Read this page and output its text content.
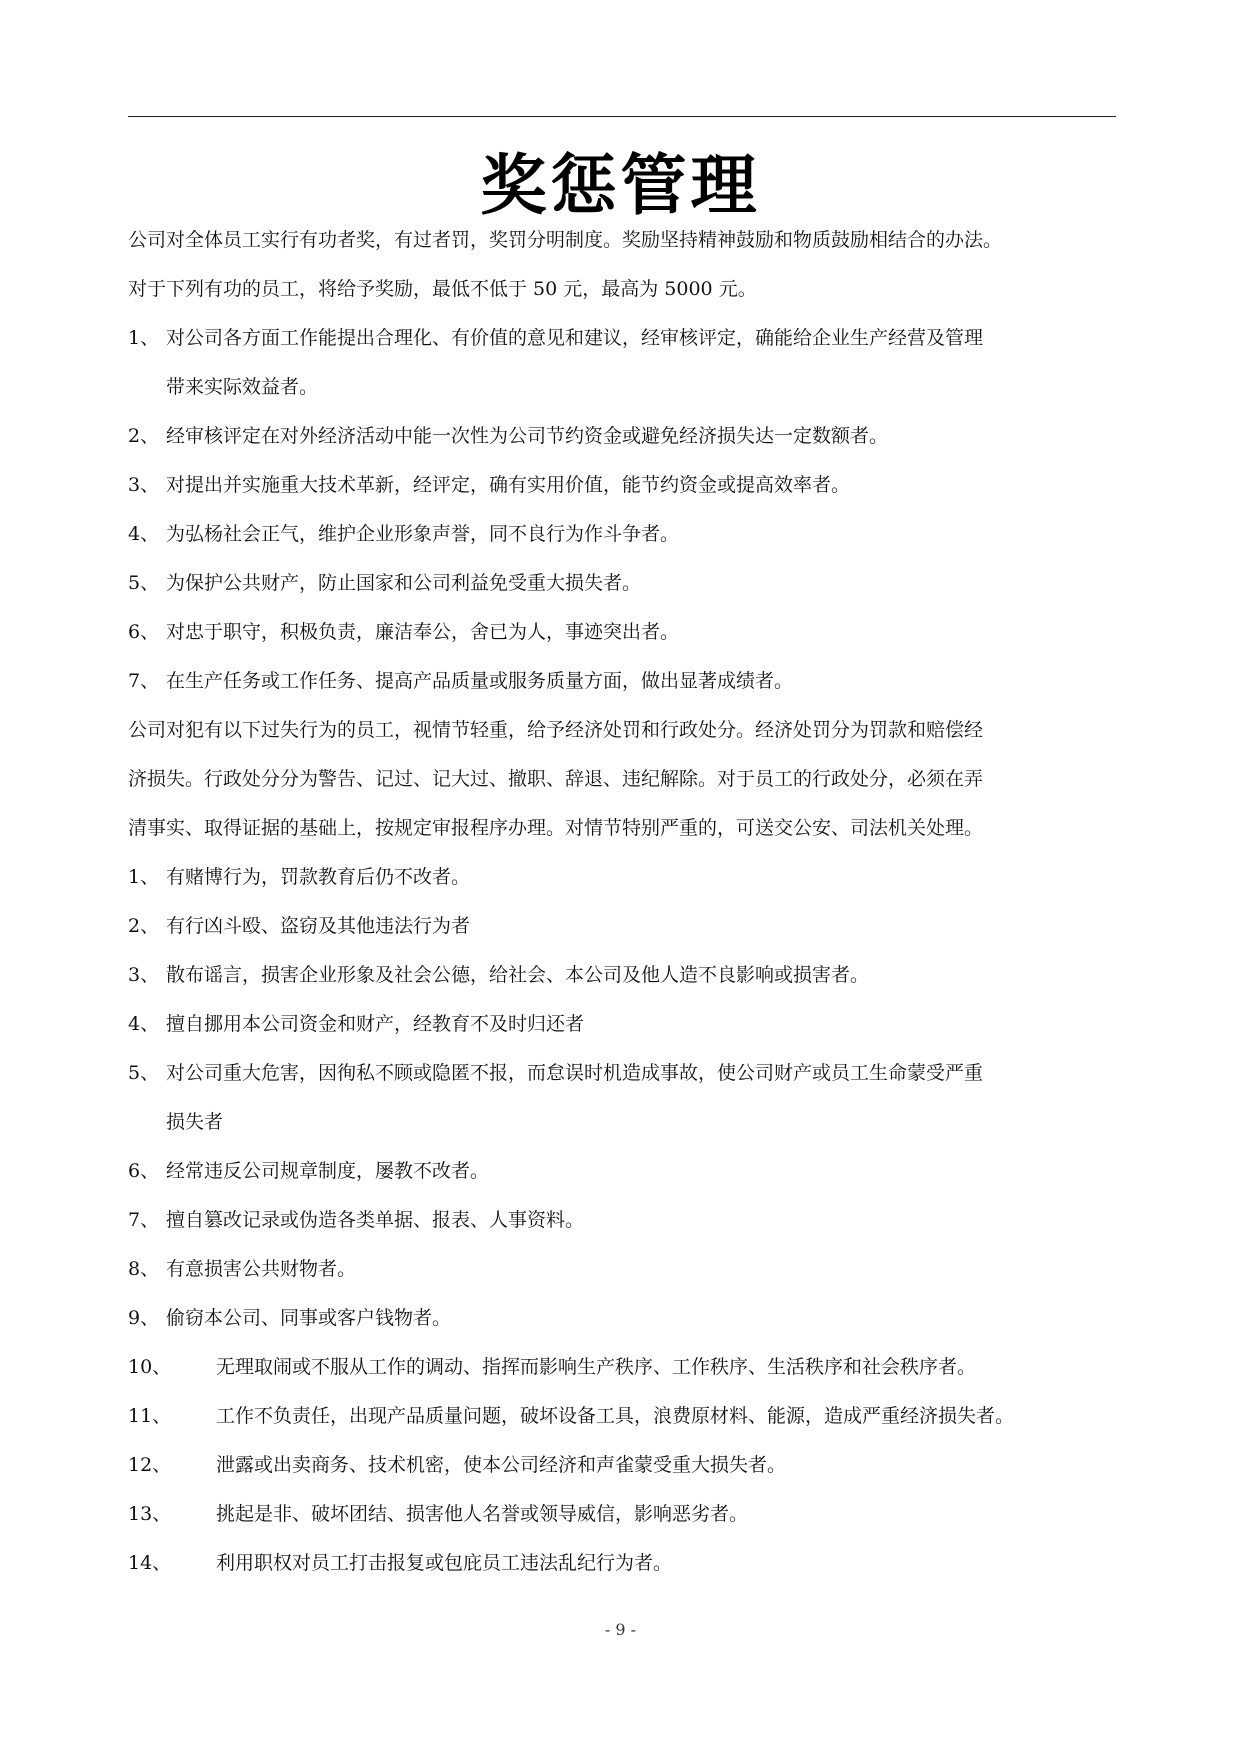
奖惩管理
公司对全体员工实行有功者奖，有过者罚，奖罚分明制度。奖励坚持精神鼓励和物质鼓励相结合的办法。
对于下列有功的员工，将给予奖励，最低不低于 50 元，最高为 5000 元。
1、 对公司各方面工作能提出合理化、有价值的意见和建议，经审核评定，确能给企业生产经营及管理
带来实际效益者。
2、 经审核评定在对外经济活动中能一次性为公司节约资金或避免经济损失达一定数额者。
3、 对提出并实施重大技术革新，经评定，确有实用价值，能节约资金或提高效率者。
4、 为弘杨社会正气，维护企业形象声誉，同不良行为作斗争者。
5、 为保护公共财产，防止国家和公司利益免受重大损失者。
6、 对忠于职守，积极负责，廉洁奉公，舍已为人，事迹突出者。
7、 在生产任务或工作任务、提高产品质量或服务质量方面，做出显著成绩者。
公司对犯有以下过失行为的员工，视情节轻重，给予经济处罚和行政处分。经济处罚分为罚款和赔偿经
济损失。行政处分分为警告、记过、记大过、撤职、辞退、违纪解除。对于员工的行政处分，必须在弄
清事实、取得证据的基础上，按规定审报程序办理。对情节特别严重的，可送交公安、司法机关处理。
1、 有赌博行为，罚款教育后仍不改者。
2、 有行凶斗殴、盗窃及其他违法行为者
3、 散布谣言，损害企业形象及社会公德，给社会、本公司及他人造不良影响或损害者。
4、 擅自挪用本公司资金和财产，经教育不及时归还者
5、 对公司重大危害，因徇私不顾或隐匿不报，而怠误时机造成事故，使公司财产或员工生命蒙受严重
损失者
6、 经常违反公司规章制度，屡教不改者。
7、 擅自篡改记录或伪造各类单据、报表、人事资料。
8、 有意损害公共财物者。
9、 偷窃本公司、同事或客户钱物者。
10、 无理取闹或不服从工作的调动、指挥而影响生产秩序、工作秩序、生活秩序和社会秩序者。
11、 工作不负责任，出现产品质量问题，破坏设备工具，浪费原材料、能源，造成严重经济损失者。
12、 泄露或出卖商务、技术机密，使本公司经济和声雀蒙受重大损失者。
13、 挑起是非、破坏团结、损害他人名誉或领导威信，影响恶劣者。
14、 利用职权对员工打击报复或包庇员工违法乱纪行为者。
- 9 -
